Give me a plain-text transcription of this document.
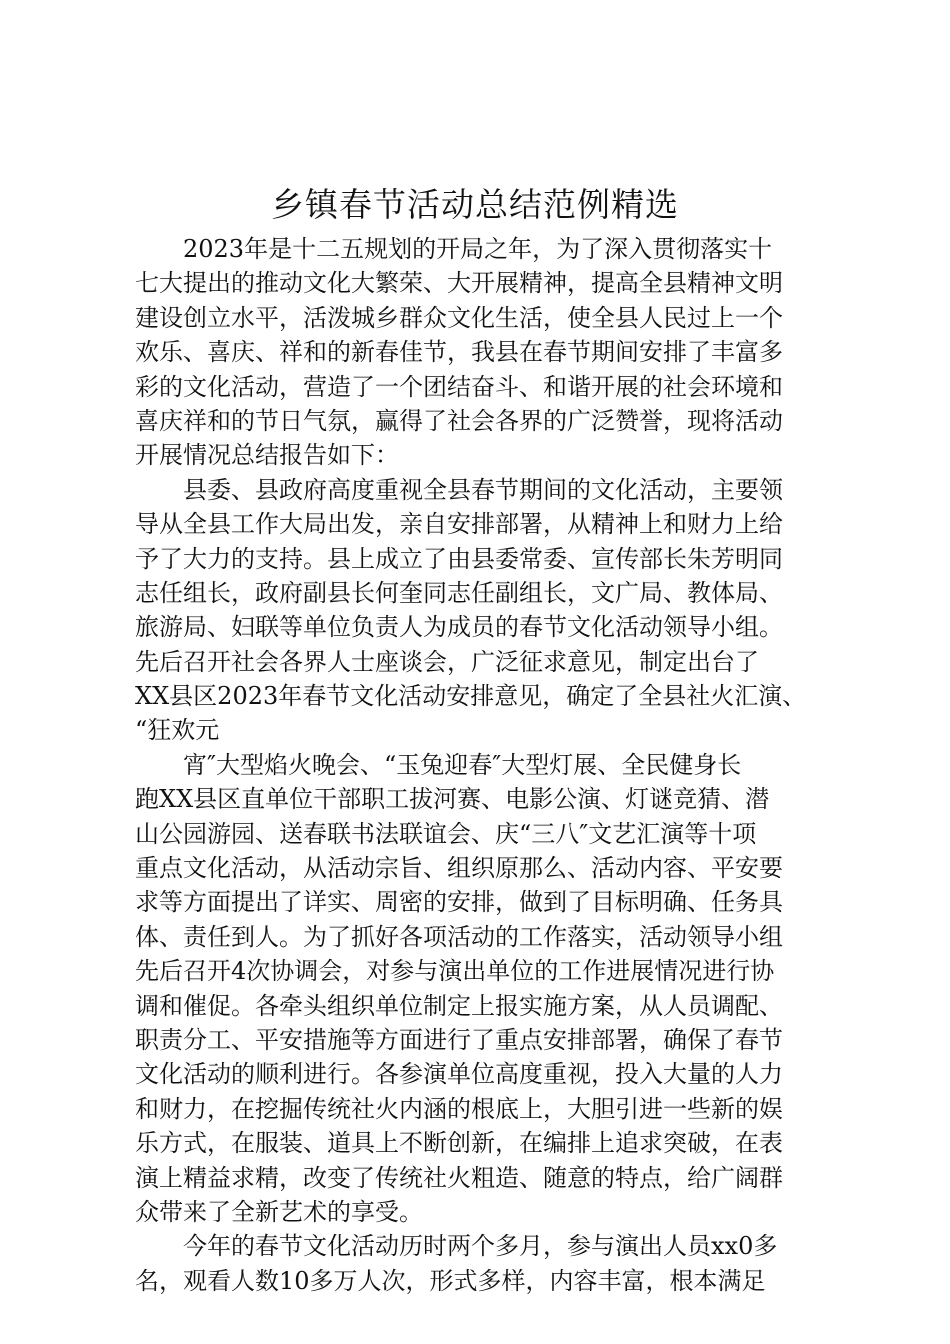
乡镇春节活动总结范例精选
2023年是十二五规划的开局之年，为了深入贯彻落实十
七大提出的推动文化大繁荣、大开展精神，提高全县精神文明
建设创立水平，活泼城乡群众文化生活，使全县人民过上一个
欢乐、喜庆、祥和的新春佳节，我县在春节期间安排了丰富多
彩的文化活动，营造了一个团结奋斗、和谐开展的社会环境和
喜庆祥和的节日气氛，赢得了社会各界的广泛赞誉，现将活动
开展情况总结报告如下：
县委、县政府高度重视全县春节期间的文化活动，主要领
导从全县工作大局出发，亲自安排部署，从精神上和财力上给
予了大力的支持。县上成立了由县委常委、宣传部长朱芳明同
志任组长，政府副县长何奎同志任副组长，文广局、教体局、
旅游局、妇联等单位负责人为成员的春节文化活动领导小组。
先后召开社会各界人士座谈会，广泛征求意见，制定出台了
XX县区2023年春节文化活动安排意见，确定了全县社火汇演、
“狂欢元
宵″大型焰火晚会、“玉兔迎春″大型灯展、全民健身长
跑XX县区直单位干部职工拔河赛、电影公演、灯谜竞猜、潜
山公园游园、送春联书法联谊会、庆“三八″文艺汇演等十项
重点文化活动，从活动宗旨、组织原那么、活动内容、平安要
求等方面提出了详实、周密的安排，做到了目标明确、任务具
体、责任到人。为了抓好各项活动的工作落实，活动领导小组
先后召开4次协调会，对参与演出单位的工作进展情况进行协
调和催促。各牵头组织单位制定上报实施方案，从人员调配、
职责分工、平安措施等方面进行了重点安排部署，确保了春节
文化活动的顺利进行。各参演单位高度重视，投入大量的人力
和财力，在挖掘传统社火内涵的根底上，大胆引进一些新的娱
乐方式，在服装、道具上不断创新，在编排上追求突破，在表
演上精益求精，改变了传统社火粗造、随意的特点，给广阔群
众带来了全新艺术的享受。
今年的春节文化活动历时两个多月，参与演出人员xx0多
名，观看人数10多万人次，形式多样，内容丰富，根本满足
